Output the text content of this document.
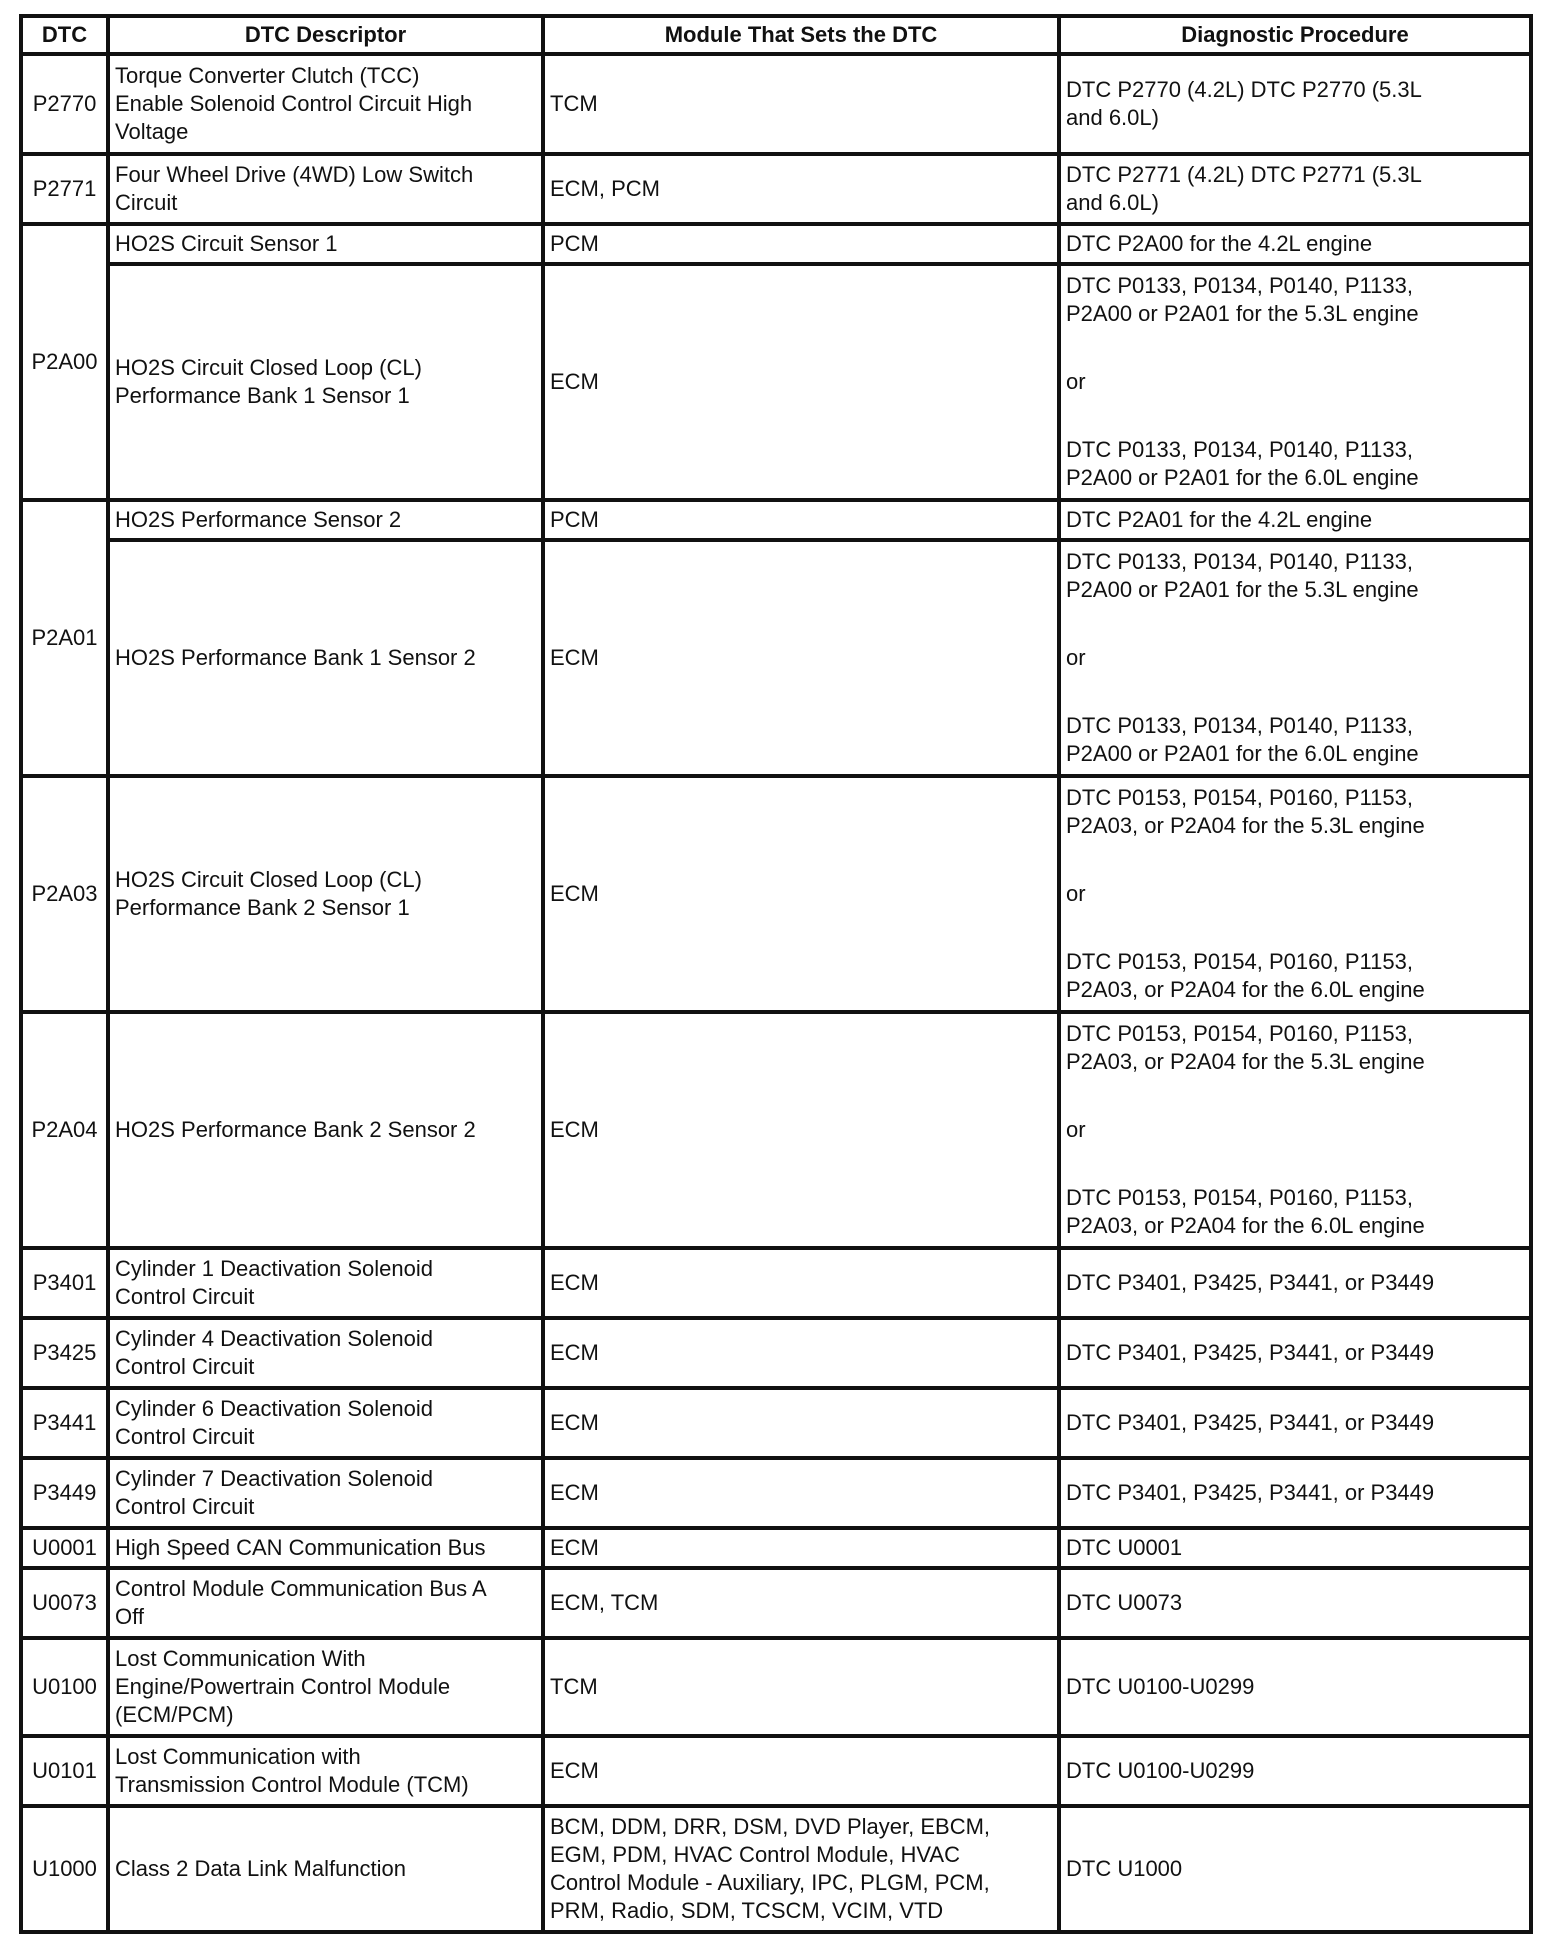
DTC	DTC Descriptor	Module That Sets the DTC	Diagnostic Procedure
P2770	Torque Converter Clutch (TCC)
Enable Solenoid Control Circuit High
Voltage	TCM	DTC P2770 (4.2L) DTC P2770 (5.3L
and 6.0L)

P2771	Four Wheel Drive (4WD) Low Switch
Circuit	ECM, PCM	DTC P2771 (4.2L) DTC P2771 (5.3L
and 6.0L)

P2A00	HO2S Circuit Sensor 1	PCM	DTC P2A00 for the 4.2L engine

	HO2S Circuit Closed Loop (CL)
Performance Bank 1 Sensor 1	ECM	DTC P0133, P0134, P0140, P1133,
P2A00 or P2A01 for the 5.3L engine
or
DTC P0133, P0134, P0140, P1133,
P2A00 or P2A01 for the 6.0L engine

P2A01	HO2S Performance Sensor 2	PCM	DTC P2A01 for the 4.2L engine

	HO2S Performance Bank 1 Sensor 2	ECM	DTC P0133, P0134, P0140, P1133,
P2A00 or P2A01 for the 5.3L engine
or
DTC P0133, P0134, P0140, P1133,
P2A00 or P2A01 for the 6.0L engine

P2A03	HO2S Circuit Closed Loop (CL)
Performance Bank 2 Sensor 1	ECM	DTC P0153, P0154, P0160, P1153,
P2A03, or P2A04 for the 5.3L engine
or
DTC P0153, P0154, P0160, P1153,
P2A03, or P2A04 for the 6.0L engine

P2A04	HO2S Performance Bank 2 Sensor 2	ECM	DTC P0153, P0154, P0160, P1153,
P2A03, or P2A04 for the 5.3L engine
or
DTC P0153, P0154, P0160, P1153,
P2A03, or P2A04 for the 6.0L engine

P3401	Cylinder 1 Deactivation Solenoid
Control Circuit	ECM	DTC P3401, P3425, P3441, or P3449

P3425	Cylinder 4 Deactivation Solenoid
Control Circuit	ECM	DTC P3401, P3425, P3441, or P3449

P3441	Cylinder 6 Deactivation Solenoid
Control Circuit	ECM	DTC P3401, P3425, P3441, or P3449

P3449	Cylinder 7 Deactivation Solenoid
Control Circuit	ECM	DTC P3401, P3425, P3441, or P3449

U0001	High Speed CAN Communication Bus	ECM	DTC U0001

U0073	Control Module Communication Bus A
Off	ECM, TCM	DTC U0073

U0100	Lost Communication With
Engine/Powertrain Control Module
(ECM/PCM)	TCM	DTC U0100-U0299

U0101	Lost Communication with
Transmission Control Module (TCM)	ECM	DTC U0100-U0299

U1000	Class 2 Data Link Malfunction	BCM, DDM, DRR, DSM, DVD Player, EBCM,
EGM, PDM, HVAC Control Module, HVAC
Control Module - Auxiliary, IPC, PLGM, PCM,
PRM, Radio, SDM, TCSCM, VCIM, VTD	DTC U1000
